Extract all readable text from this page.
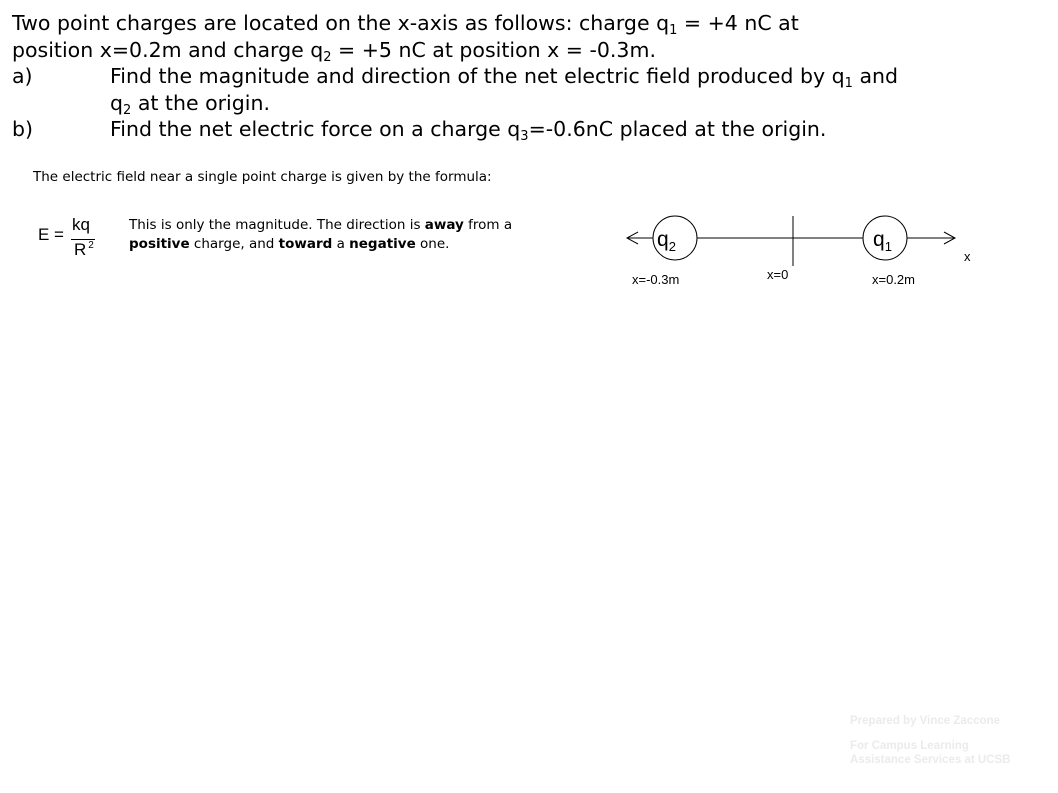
Two point charges are located on the x-axis as follows: charge $q_1 = +4$ nC at
position x=0.2m and charge $q_2 = +5$ nC at position x = -0.3m.
a)	Find the magnitude and direction of the net electric field produced by $q_1$ and
$q_2$ at the origin.
b)	Find the net electric force on a charge $q_3=-0.6nC$ placed at the origin.
The electric field near a single point charge is given by the formula:
E =
kq
R $^2$
This is only the magnitude. The direction is away from a
positive charge, and toward a negative one.	$q_2$	$q_1$
x
x=-0.3m	x=0	x=0.2m
Prepared by Vince Zaccone
For Campus Learning
Assistance Services at UCSB
